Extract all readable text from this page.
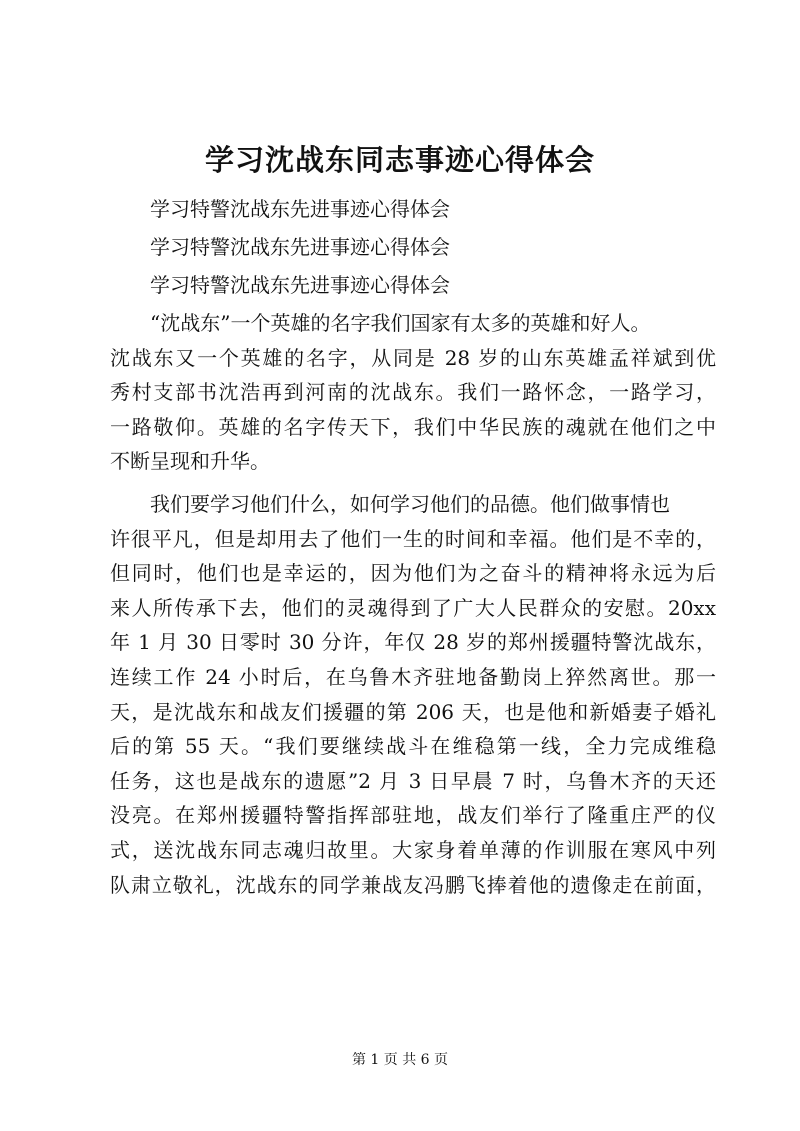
学习沈战东同志事迹心得体会
学习特警沈战东先进事迹心得体会
学习特警沈战东先进事迹心得体会
学习特警沈战东先进事迹心得体会

“沈战东”一个英雄的名字我们国家有太多的英雄和好人。
沈战东又一个英雄的名字，从同是 28 岁的山东英雄孟祥斌到优
秀村支部书沈浩再到河南的沈战东。我们一路怀念，一路学习，
一路敬仰。英雄的名字传天下，我们中华民族的魂就在他们之中
不断呈现和升华。

我们要学习他们什么，如何学习他们的品德。他们做事情也
许很平凡，但是却用去了他们一生的时间和幸福。他们是不幸的，
但同时，他们也是幸运的，因为他们为之奋斗的精神将永远为后
来人所传承下去，他们的灵魂得到了广大人民群众的安慰。20xx
年 1 月 30 日零时 30 分许，年仅 28 岁的郑州援疆特警沈战东，
连续工作 24 小时后，在乌鲁木齐驻地备勤岗上猝然离世。那一
天，是沈战东和战友们援疆的第 206 天，也是他和新婚妻子婚礼
后的第 55 天。“我们要继续战斗在维稳第一线，全力完成维稳
任务，这也是战东的遗愿”2 月 3 日早晨 7 时，乌鲁木齐的天还
没亮。在郑州援疆特警指挥部驻地，战友们举行了隆重庄严的仪
式，送沈战东同志魂归故里。大家身着单薄的作训服在寒风中列
队肃立敬礼，沈战东的同学兼战友冯鹏飞捧着他的遗像走在前面，

第 1 页 共 6 页
